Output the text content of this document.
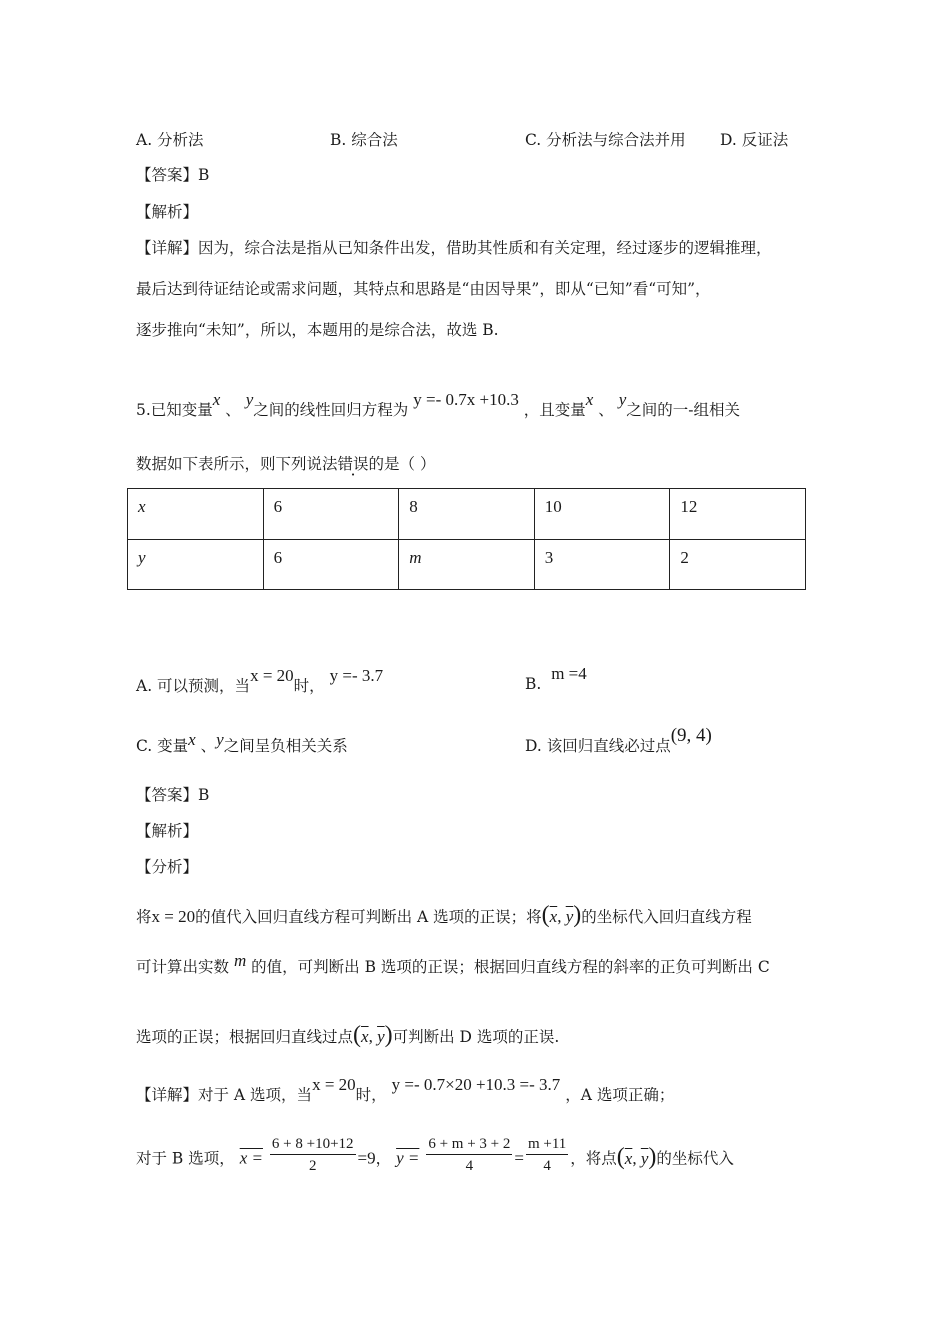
A. 分析法	B. 综合法	C. 分析法与综合法并用 D. 反证法
【答案】B
【解析】
【详解】因为，综合法是指从已知条件出发，借助其性质和有关定理，经过逐步的逻辑推理，
最后达到待证结论或需求问题，其特点和思路是“由因导果”，即从“已知”看“可知”，
逐步推向“未知”，所以，本题用的是综合法，故选 B.
5.已知变量x 、 y之间的线性回归方程为 y =- 0.7x +10.3 ，且变量x 、 y之间的一-组相关
数据如下表所示，则下列说法错误的是（ ）
x	6	8	10	12
y	6	m	3	2
A. 可以预测，当x = 20时， y =- 3.7	B.  m =4
C. 变量x 、y之间呈负相关关系	D. 该回归直线必过点(9, 4)
【答案】B
【解析】
【分析】
将x = 20的值代入回归直线方程可判断出 A 选项的正误；将($\overline{x}$, $\overline{y}$)的坐标代入回归直线方程
可计算出实数 m 的值，可判断出 B 选项的正误；根据回归直线方程的斜率的正负可判断出 C
选项的正误；根据回归直线过点($\overline{x}$, $\overline{y}$)可判断出 D 选项的正误.
【详解】对于 A 选项，当x = 20时， y =- 0.7×20 +10.3 =- 3.7 ，A 选项正确；
对于 B 选项， $x = \frac{6 + 8 +10+12}{2} =9$， $y = \frac{6 + m + 3 + 2}{4} = \frac{m +11}{4}$ ，将点($\overline{x}$, $\overline{y}$)的坐标代入
